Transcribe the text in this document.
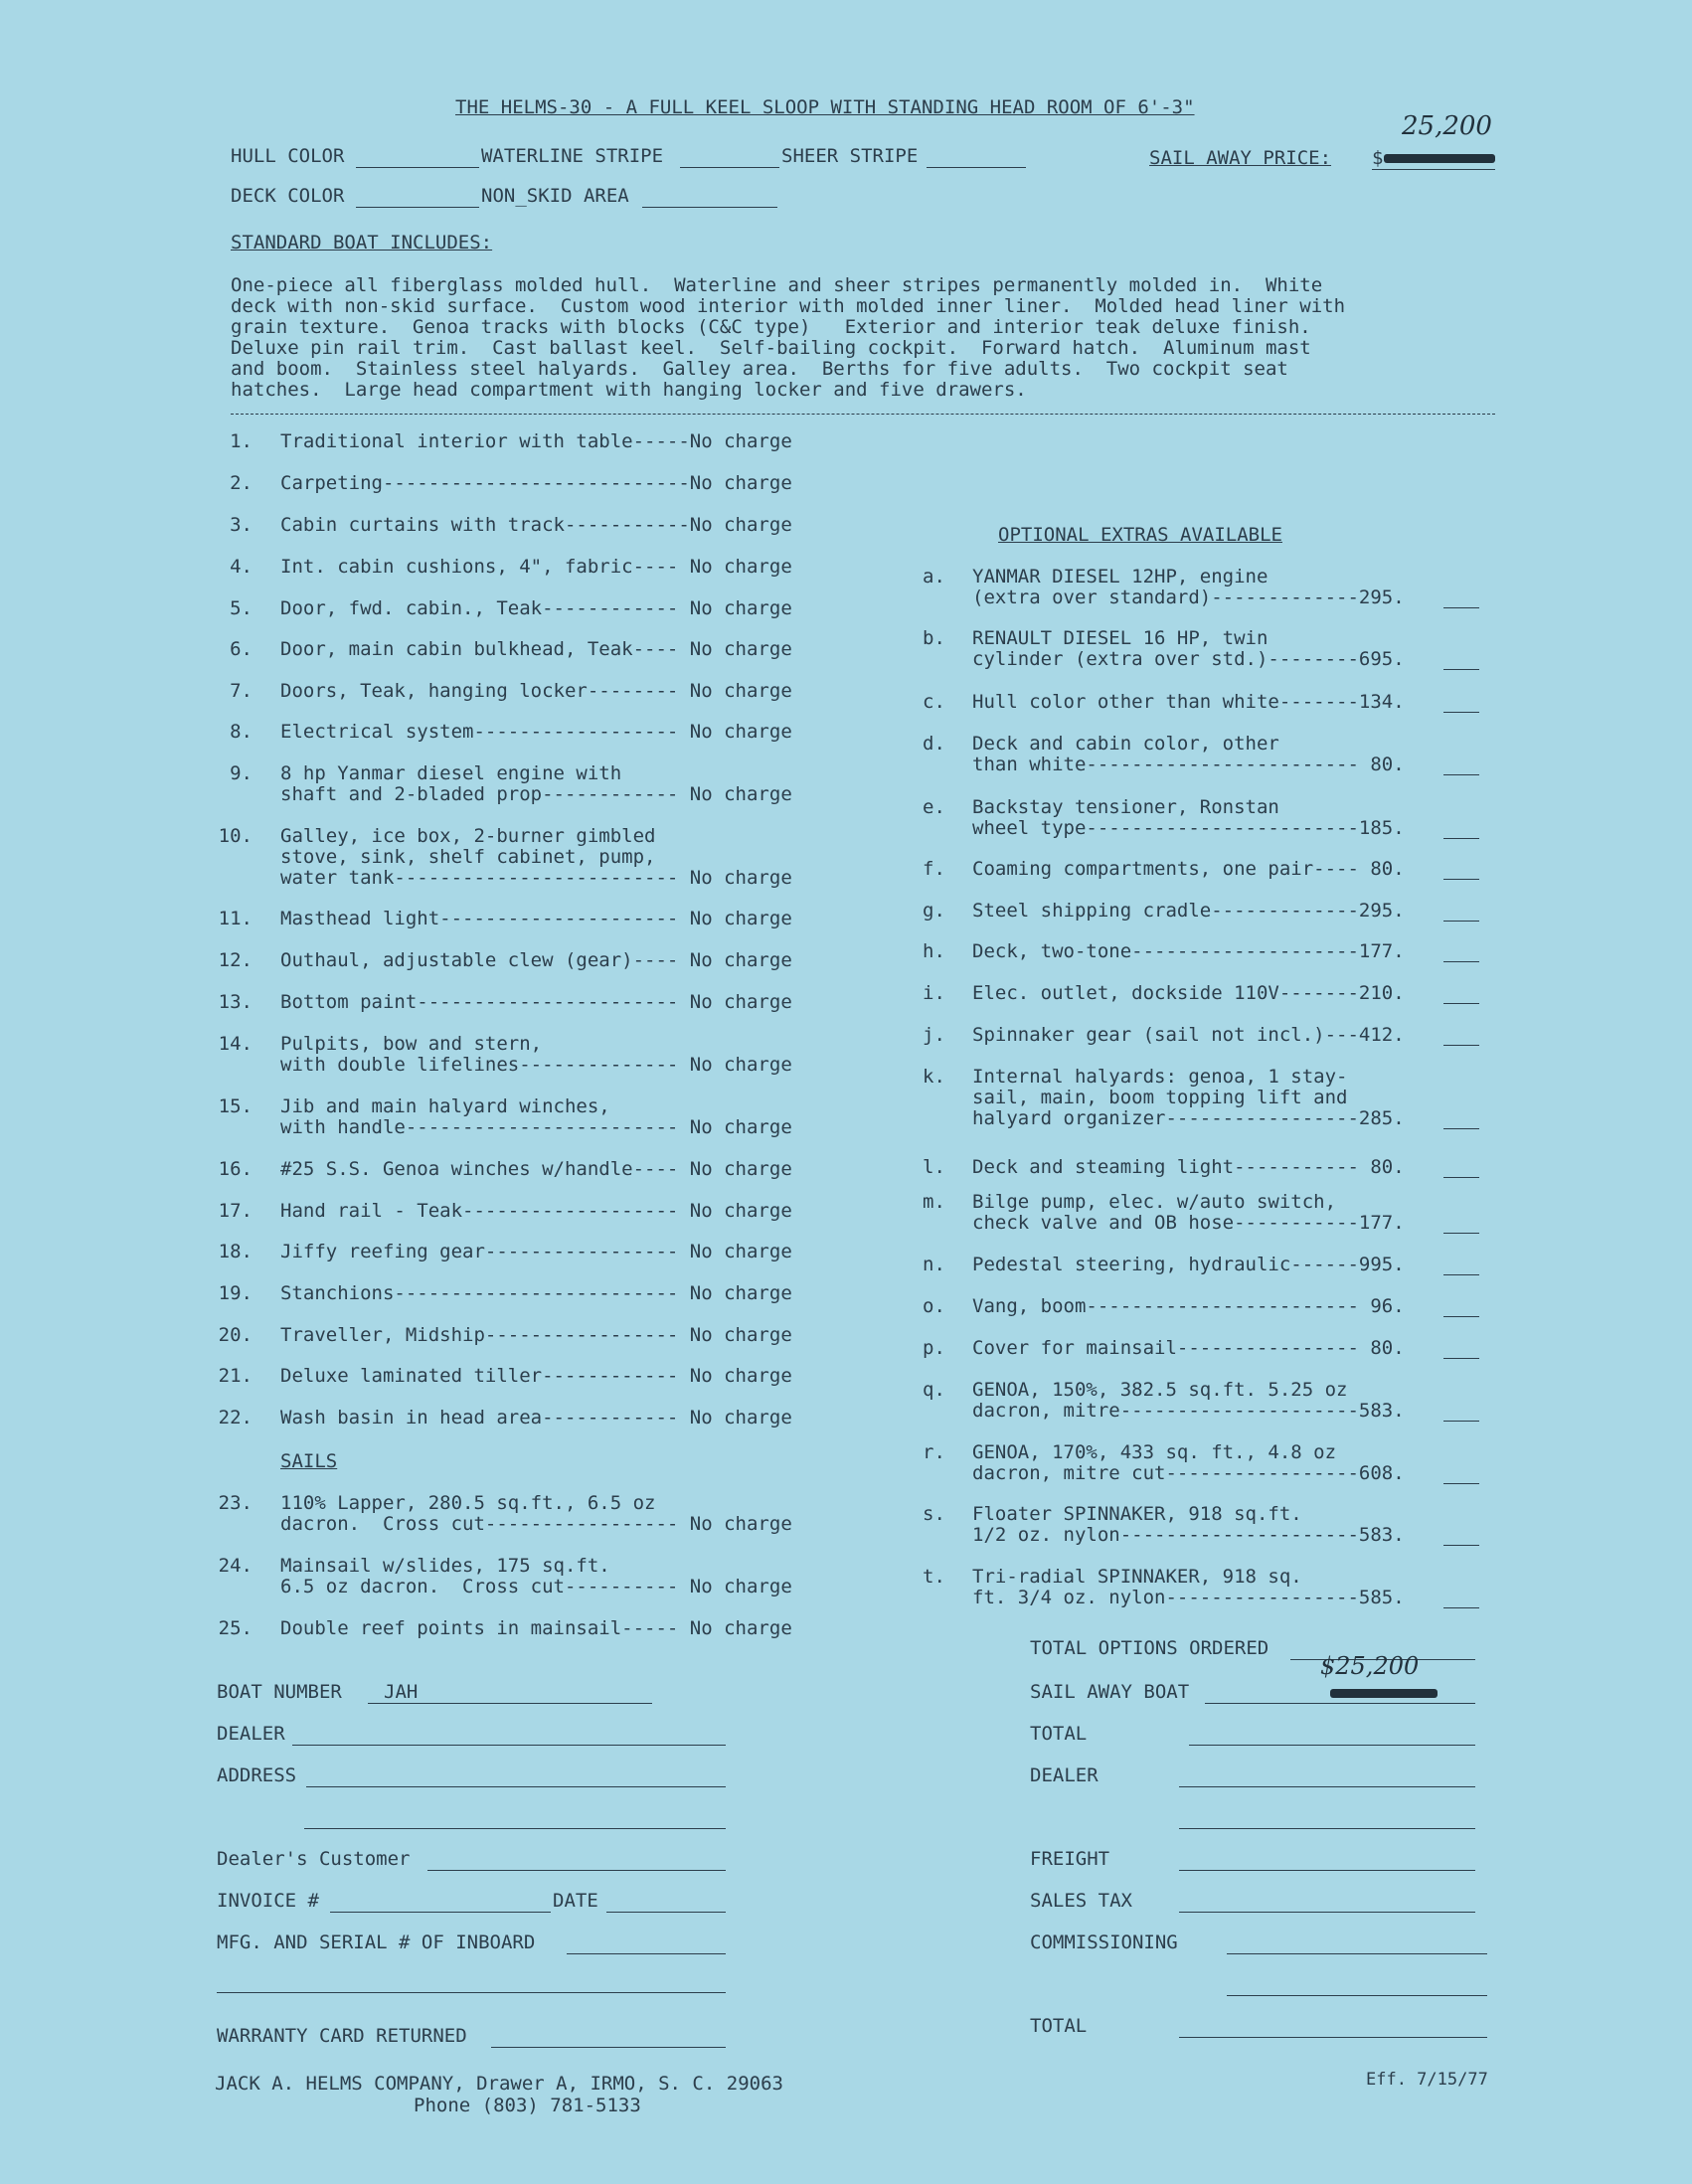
THE HELMS-30 - A FULL KEEL SLOOP WITH STANDING HEAD ROOM OF 6'-3"
HULL COLOR	WATERLINE STRIPE	SHEER STRIPE	SAIL AWAY PRICE: $
25,200
DECK COLOR	NON_SKID AREA
STANDARD BOAT INCLUDES:
One-piece all fiberglass molded hull.  Waterline and sheer stripes permanently molded in.  White
deck with non-skid surface.  Custom wood interior with molded inner liner.  Molded head liner with
grain texture.  Genoa tracks with blocks (C&C type)   Exterior and interior teak deluxe finish.
Deluxe pin rail trim.  Cast ballast keel.  Self-bailing cockpit.  Forward hatch.  Aluminum mast
and boom.  Stainless steel halyards.  Galley area.  Berths for five adults.  Two cockpit seat
hatches.  Large head compartment with hanging locker and five drawers.
1. Traditional interior with table-----No charge
2. Carpeting---------------------------No charge
3. Cabin curtains with track-----------No charge
4. Int. cabin cushions, 4", fabric---- No charge
5. Door, fwd. cabin., Teak------------ No charge
6. Door, main cabin bulkhead, Teak---- No charge
7. Doors, Teak, hanging locker-------- No charge
8. Electrical system------------------ No charge
9. 8 hp Yanmar diesel engine with
shaft and 2-bladed prop------------ No charge
10. Galley, ice box, 2-burner gimbled
stove, sink, shelf cabinet, pump,
water tank------------------------- No charge
11. Masthead light--------------------- No charge
12. Outhaul, adjustable clew (gear)---- No charge
13. Bottom paint----------------------- No charge
14. Pulpits, bow and stern,
with double lifelines-------------- No charge
15. Jib and main halyard winches,
with handle------------------------ No charge
16. #25 S.S. Genoa winches w/handle---- No charge
17. Hand rail - Teak------------------- No charge
18. Jiffy reefing gear----------------- No charge
19. Stanchions------------------------- No charge
20. Traveller, Midship----------------- No charge
21. Deluxe laminated tiller------------ No charge
22. Wash basin in head area------------ No charge
SAILS
23. 110% Lapper, 280.5 sq.ft., 6.5 oz
dacron.  Cross cut----------------- No charge
24. Mainsail w/slides, 175 sq.ft.
6.5 oz dacron.  Cross cut---------- No charge
25. Double reef points in mainsail----- No charge
OPTIONAL EXTRAS AVAILABLE
a. YANMAR DIESEL 12HP, engine
(extra over standard)-------------295.
b. RENAULT DIESEL 16 HP, twin
cylinder (extra over std.)--------695.
c. Hull color other than white-------134.
d. Deck and cabin color, other
than white------------------------ 80.
e. Backstay tensioner, Ronstan
wheel type------------------------185.
f. Coaming compartments, one pair---- 80.
g. Steel shipping cradle-------------295.
h. Deck, two-tone--------------------177.
i. Elec. outlet, dockside 110V-------210.
j. Spinnaker gear (sail not incl.)---412.
k. Internal halyards: genoa, 1 stay-
sail, main, boom topping lift and
halyard organizer-----------------285.
l. Deck and steaming light----------- 80.
m. Bilge pump, elec. w/auto switch,
check valve and OB hose-----------177.
n. Pedestal steering, hydraulic------995.
o. Vang, boom------------------------ 96.
p. Cover for mainsail---------------- 80.
q. GENOA, 150%, 382.5 sq.ft. 5.25 oz
dacron, mitre---------------------583.
r. GENOA, 170%, 433 sq. ft., 4.8 oz
dacron, mitre cut-----------------608.
s. Floater SPINNAKER, 918 sq.ft.
1/2 oz. nylon---------------------583.
t. Tri-radial SPINNAKER, 918 sq.
ft. 3/4 oz. nylon-----------------585.
BOAT NUMBER JAH
DEALER
ADDRESS
Dealer's Customer
INVOICE #	DATE
MFG. AND SERIAL # OF INBOARD
WARRANTY CARD RETURNED
TOTAL OPTIONS ORDERED
SAIL AWAY BOAT
$25,200
TOTAL
DEALER
FREIGHT
SALES TAX
COMMISSIONING
TOTAL
JACK A. HELMS COMPANY, Drawer A, IRMO, S. C. 29063
Phone (803) 781-5133
Eff. 7/15/77
